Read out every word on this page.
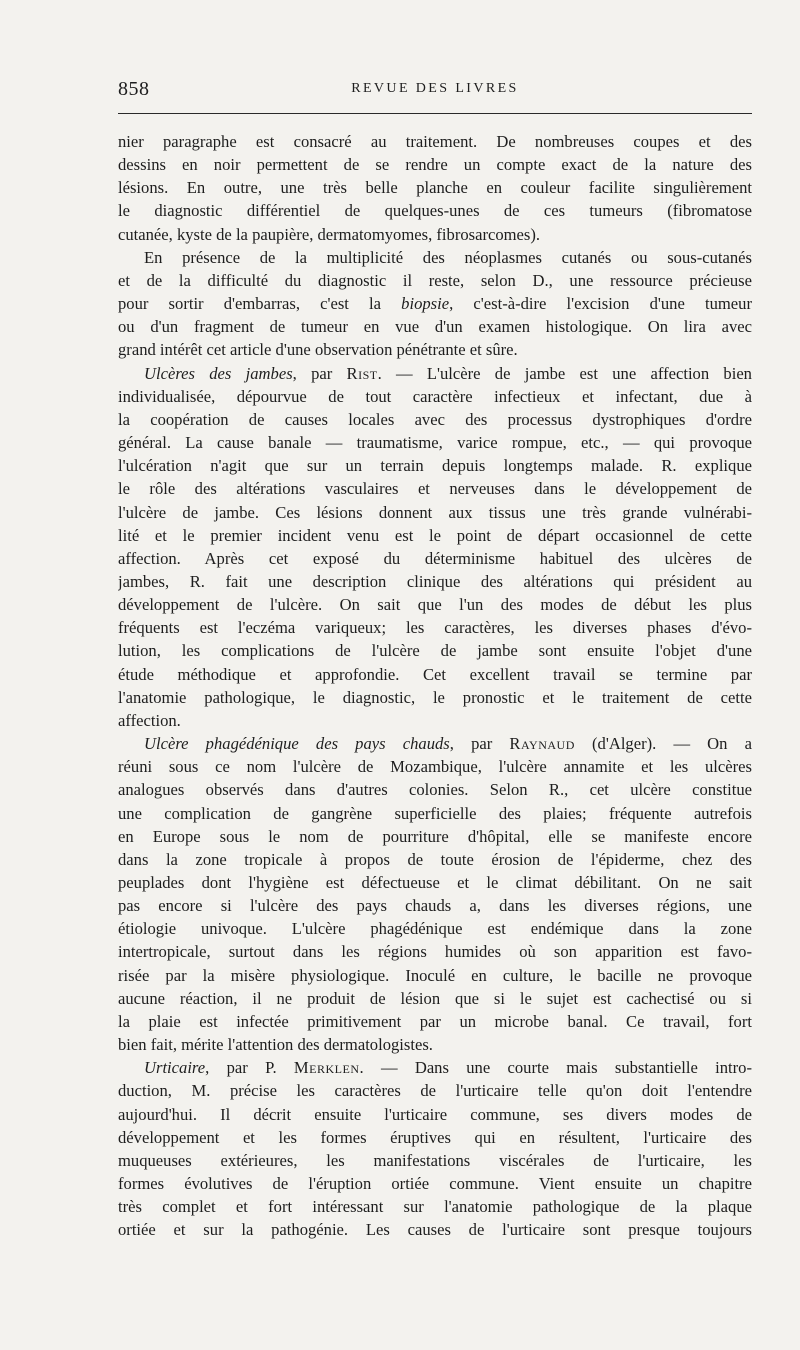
858	REVUE DES LIVRES
nier paragraphe est consacré au traitement. De nombreuses coupes et des
dessins en noir permettent de se rendre un compte exact de la nature des
lésions. En outre, une très belle planche en couleur facilite singulièrement
le diagnostic différentiel de quelques-unes de ces tumeurs (fibromatose
cutanée, kyste de la paupière, dermatomyomes, fibrosarcomes).
En présence de la multiplicité des néoplasmes cutanés ou sous-cutanés
et de la difficulté du diagnostic il reste, selon D., une ressource précieuse
pour sortir d'embarras, c'est la biopsie, c'est-à-dire l'excision d'une tumeur
ou d'un fragment de tumeur en vue d'un examen histologique. On lira avec
grand intérêt cet article d'une observation pénétrante et sûre.
Ulcères des jambes, par Rist. — L'ulcère de jambe est une affection bien
individualisée, dépourvue de tout caractère infectieux et infectant, due à
la coopération de causes locales avec des processus dystrophiques d'ordre
général. La cause banale — traumatisme, varice rompue, etc., — qui provoque
l'ulcération n'agit que sur un terrain depuis longtemps malade. R. explique
le rôle des altérations vasculaires et nerveuses dans le développement de
l'ulcère de jambe. Ces lésions donnent aux tissus une très grande vulnérabi-
lité et le premier incident venu est le point de départ occasionnel de cette
affection. Après cet exposé du déterminisme habituel des ulcères de
jambes, R. fait une description clinique des altérations qui président au
développement de l'ulcère. On sait que l'un des modes de début les plus
fréquents est l'eczéma variqueux; les caractères, les diverses phases d'évo-
lution, les complications de l'ulcère de jambe sont ensuite l'objet d'une
étude méthodique et approfondie. Cet excellent travail se termine par
l'anatomie pathologique, le diagnostic, le pronostic et le traitement de cette
affection.
Ulcère phagédénique des pays chauds, par Raynaud (d'Alger). — On a
réuni sous ce nom l'ulcère de Mozambique, l'ulcère annamite et les ulcères
analogues observés dans d'autres colonies. Selon R., cet ulcère constitue
une complication de gangrène superficielle des plaies; fréquente autrefois
en Europe sous le nom de pourriture d'hôpital, elle se manifeste encore
dans la zone tropicale à propos de toute érosion de l'épiderme, chez des
peuplades dont l'hygiène est défectueuse et le climat débilitant. On ne sait
pas encore si l'ulcère des pays chauds a, dans les diverses régions, une
étiologie univoque. L'ulcère phagédénique est endémique dans la zone
intertropicale, surtout dans les régions humides où son apparition est favo-
risée par la misère physiologique. Inoculé en culture, le bacille ne provoque
aucune réaction, il ne produit de lésion que si le sujet est cachectisé ou si
la plaie est infectée primitivement par un microbe banal. Ce travail, fort
bien fait, mérite l'attention des dermatologistes.
Urticaire, par P. Merklen. — Dans une courte mais substantielle intro-
duction, M. précise les caractères de l'urticaire telle qu'on doit l'entendre
aujourd'hui. Il décrit ensuite l'urticaire commune, ses divers modes de
développement et les formes éruptives qui en résultent, l'urticaire des
muqueuses extérieures, les manifestations viscérales de l'urticaire, les
formes évolutives de l'éruption ortiée commune. Vient ensuite un chapitre
très complet et fort intéressant sur l'anatomie pathologique de la plaque
ortiée et sur la pathogénie. Les causes de l'urticaire sont presque toujours
